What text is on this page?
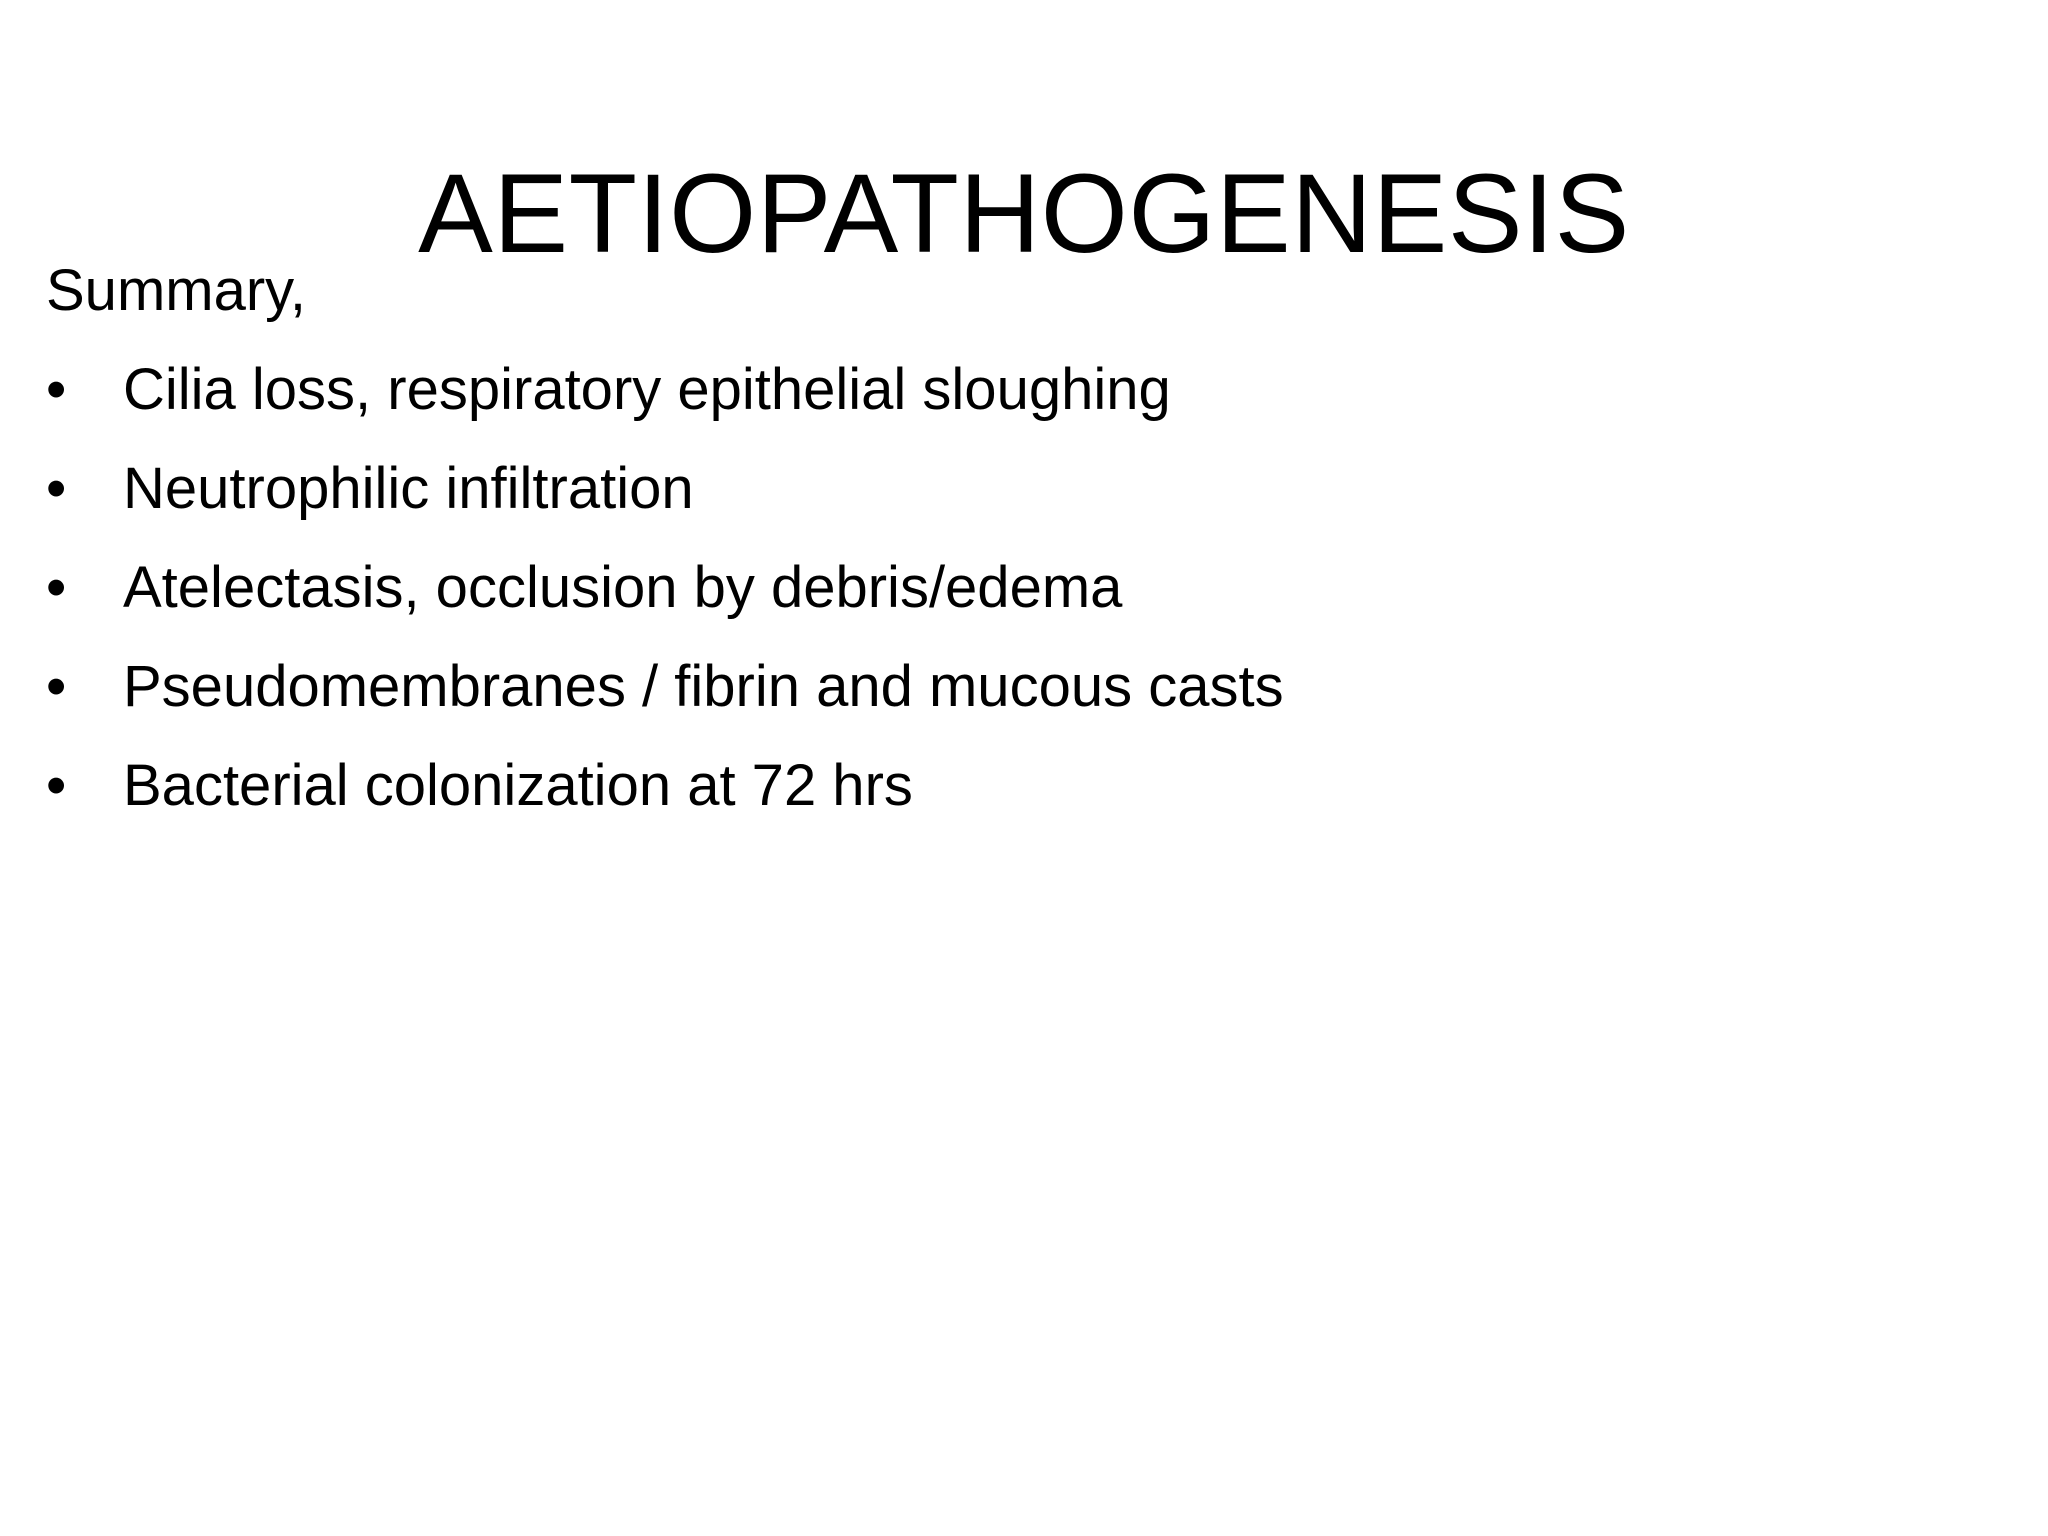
AETIOPATHOGENESIS
Summary,
• Cilia loss, respiratory epithelial sloughing
• Neutrophilic infiltration
• Atelectasis, occlusion by debris/edema
• Pseudomembranes / fibrin and mucous casts
• Bacterial colonization at 72 hrs
